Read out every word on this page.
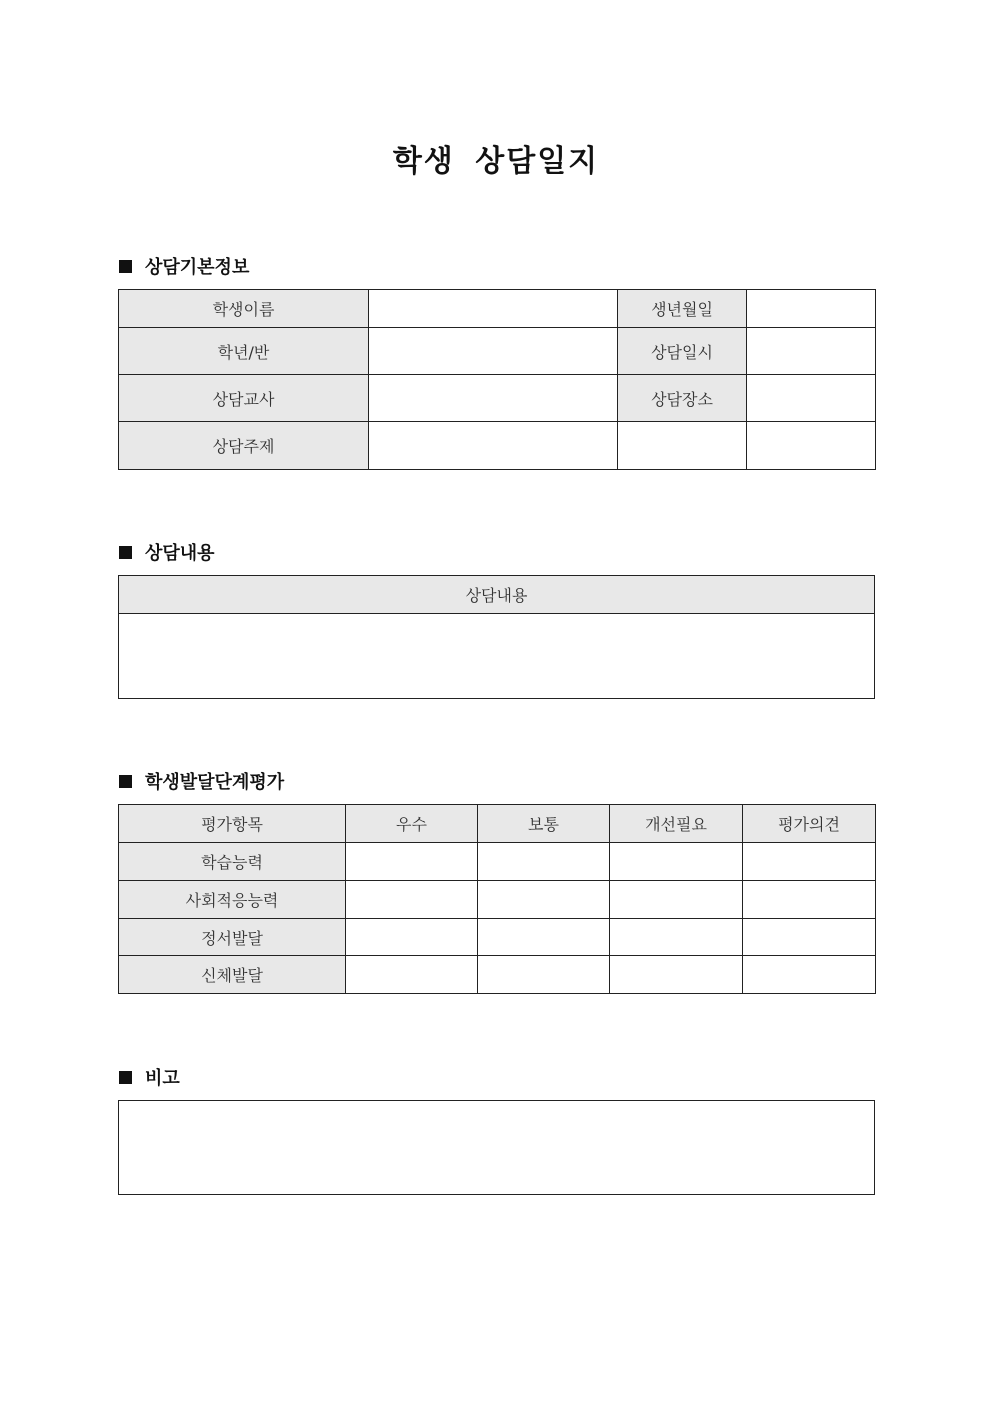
학생 상담일지
상담기본정보
학생이름		생년월일	
학년/반		상담일시	
상담교사		상담장소	
상담주제			
상담내용
상담내용

학생발달단계평가
평가항목	우수	보통	개선필요	평가의견
학습능력				
사회적응능력				
정서발달				
신체발달				
비고
